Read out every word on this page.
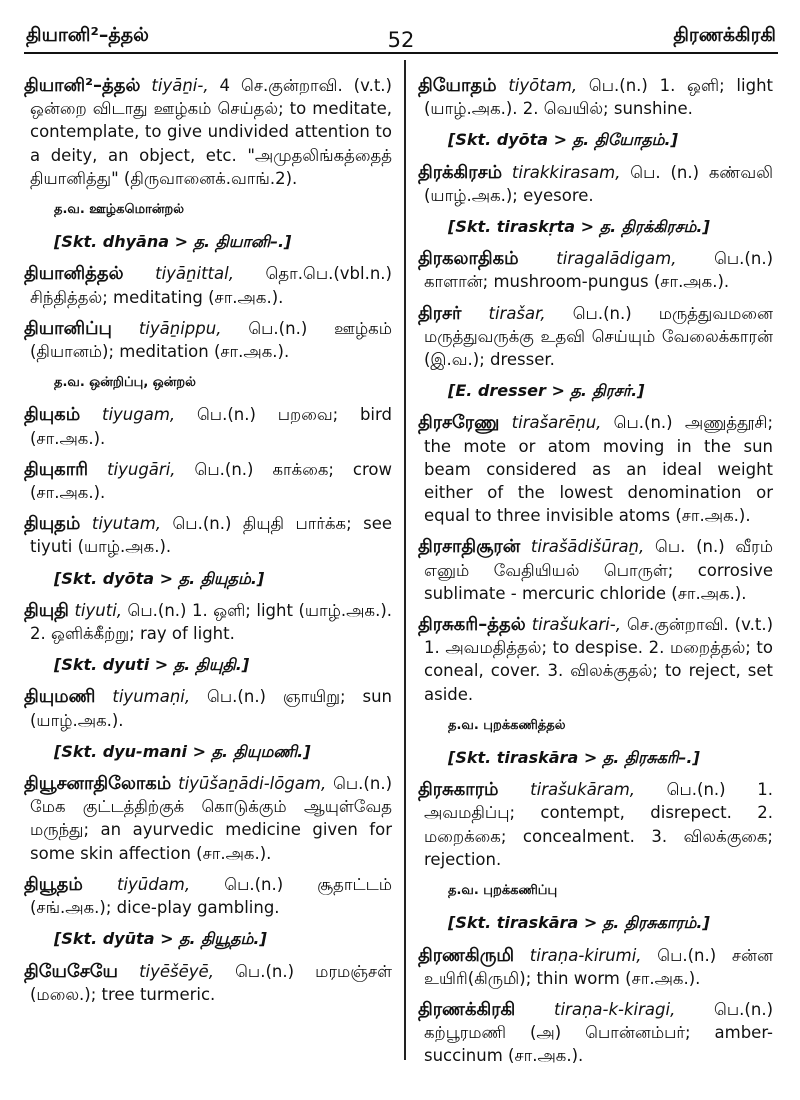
தியானி²–த்தல்	52	திரணக்கிரகி
தியானி²–த்தல் tiyāṉi-, 4 செ.குன்றாவி. (v.t.) ஒன்றை விடாது ஊழ்கம் செய்தல்; to meditate, contemplate, to give undivided attention to a deity, an object, etc. "அமுதலிங்கத்தைத் தியானித்து" (திருவானைக்.வாங்.2).
த.வ. ஊழ்கமொன்றல்
[Skt. dhyāna > த. தியானி–.]
தியானித்தல் tiyāṉittal, தொ.பெ.(vbl.n.) சிந்தித்தல்; meditating (சா.அக.).
தியானிப்பு tiyāṉippu, பெ.(n.) ஊழ்கம் (தியானம்); meditation (சா.அக.).
த.வ. ஒன்றிப்பு, ஒன்றல்
தியுகம் tiyugam, பெ.(n.) பறவை; bird (சா.அக.).
தியுகாரி tiyugāri, பெ.(n.) காக்கை; crow (சா.அக.).
தியுதம் tiyutam, பெ.(n.) தியுதி பார்க்க; see tiyuti (யாழ்.அக.).
[Skt. dyōta > த. தியுதம்.]
தியுதி tiyuti, பெ.(n.) 1. ஒளி; light (யாழ்.அக.). 2. ஒளிக்கீற்று; ray of light.
[Skt. dyuti > த. தியுதி.]
தியுமணி tiyumaṇi, பெ.(n.) ஞாயிறு; sun (யாழ்.அக.).
[Skt. dyu-mani > த. தியுமணி.]
தியூசனாதிலோகம் tiyūšaṉādi-lōgam, பெ.(n.) மேக குட்டத்திற்குக் கொடுக்கும் ஆயுள்வேத மருந்து; an ayurvedic medicine given for some skin affection (சா.அக.).
தியூதம் tiyūdam, பெ.(n.) சூதாட்டம் (சங்.அக.); dice-play gambling.
[Skt. dyūta > த. தியூதம்.]
தியேசேயே tiyēšēyē, பெ.(n.) மரமஞ்சள் (மலை.); tree turmeric.
தியோதம் tiyōtam, பெ.(n.) 1. ஒளி; light (யாழ்.அக.). 2. வெயில்; sunshine.
[Skt. dyōta > த. தியோதம்.]
திரக்கிரசம் tirakkirasam, பெ. (n.) கண்வலி (யாழ்.அக.); eyesore.
[Skt. tiraskṛta > த. திரக்கிரசம்.]
திரகலாதிகம் tiragalādigam, பெ.(n.) காளான்; mushroom-pungus (சா.அக.).
திரசர் tirašar, பெ.(n.) மருத்துவமனை மருத்துவருக்கு உதவி செய்யும் வேலைக்காரன் (இ.வ.); dresser.
[E. dresser > த. திரசர்.]
திரசரேணு tirašarēṇu, பெ.(n.) அணுத்தூசி; the mote or atom moving in the sun beam considered as an ideal weight either of the lowest denomination or equal to three invisible atoms (சா.அக.).
திரசாதிசூரன் tirašādišūraṉ, பெ. (n.) வீரம் எனும் வேதியியல் பொருள்; corrosive sublimate - mercuric chloride (சா.அக.).
திரசுகரி–த்தல் tirašukari-, செ.குன்றாவி. (v.t.) 1. அவமதித்தல்; to despise. 2. மறைத்தல்; to coneal, cover. 3. விலக்குதல்; to reject, set aside.
த.வ. புறக்கணித்தல்
[Skt. tiraskāra > த. திரசுகரி–.]
திரசுகாரம் tirašukāram, பெ.(n.) 1. அவமதிப்பு; contempt, disrepect. 2. மறைக்கை; concealment. 3. விலக்குகை; rejection.
த.வ. புறக்கணிப்பு
[Skt. tiraskāra > த. திரசுகாரம்.]
திரணகிருமி tiraṇa-kirumi, பெ.(n.) சன்ன உயிரி(கிருமி); thin worm (சா.அக.).
திரணக்கிரகி tiraṇa-k-kiragi, பெ.(n.) கற்பூரமணி (அ) பொன்னம்பர்; amber-succinum (சா.அக.).
